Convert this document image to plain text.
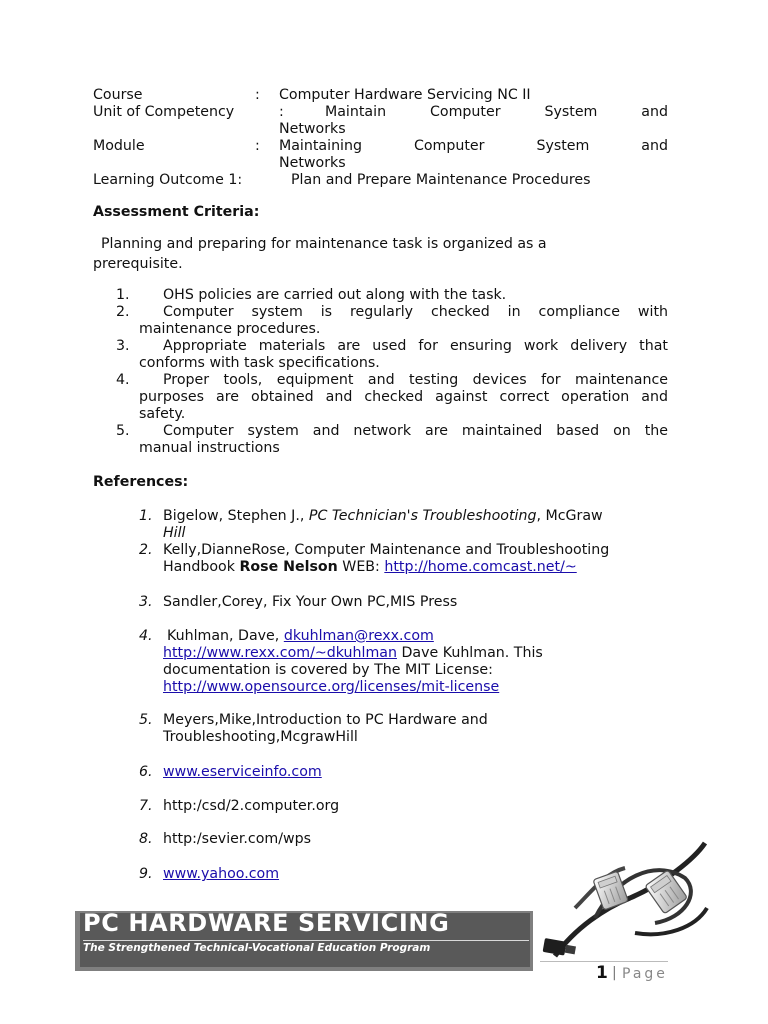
Course	: Computer Hardware Servicing NC II
Unit of Competency	:	Maintain Computer System and
Networks
Module	: Maintaining Computer System and
Networks
Learning Outcome 1:	Plan and Prepare Maintenance Procedures
Assessment Criteria:
Planning and preparing for maintenance task is organized as a
prerequisite.
1.	OHS policies are carried out along with the task.
2.	Computer system is regularly checked in compliance with
maintenance procedures.
3.	Appropriate materials are used for ensuring work delivery that
conforms with task specifications.
4.	Proper tools, equipment and testing devices for maintenance
purposes are obtained and checked against correct operation and
safety.
5.	Computer system and network are maintained based on the
manual instructions
References:
1. Bigelow, Stephen J., PC Technician's Troubleshooting, McGraw
Hill
2. Kelly,DianneRose, Computer Maintenance and Troubleshooting
Handbook Rose Nelson WEB: http://home.comcast.net/~
3. Sandler,Corey, Fix Your Own PC,MIS Press
4. Kuhlman, Dave, dkuhlman@rexx.com
http://www.rexx.com/~dkuhlman Dave Kuhlman. This
documentation is covered by The MIT License:
http://www.opensource.org/licenses/mit-license
5. Meyers,Mike,Introduction to PC Hardware and
Troubleshooting,McgrawHill
6. www.eserviceinfo.com
7. http:/csd/2.computer.org
8. http:/sevier.com/wps
9. www.yahoo.com
PC HARDWARE SERVICING
The Strengthened Technical-Vocational Education Program
1 | Page
